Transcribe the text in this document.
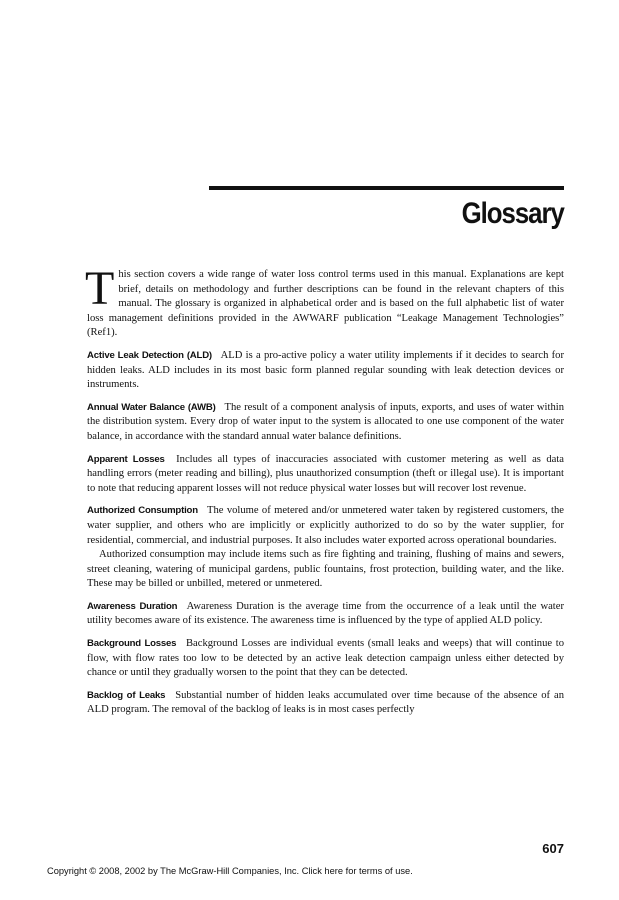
Glossary

This section covers a wide range of water loss control terms used in this manual. Explanations are kept brief, details on methodology and further descriptions can be found in the relevant chapters of this manual. The glossary is organized in alphabetical order and is based on the full alphabetic list of water loss management definitions provided in the AWWARF publication “Leakage Management Technologies” (Ref1).

Active Leak Detection (ALD) ALD is a pro-active policy a water utility implements if it decides to search for hidden leaks. ALD includes in its most basic form planned regular sounding with leak detection devices or instruments.

Annual Water Balance (AWB) The result of a component analysis of inputs, exports, and uses of water within the distribution system. Every drop of water input to the system is allocated to one use component of the water balance, in accordance with the standard annual water balance definitions.

Apparent Losses Includes all types of inaccuracies associated with customer metering as well as data handling errors (meter reading and billing), plus unauthorized consumption (theft or illegal use). It is important to note that reducing apparent losses will not reduce physical water losses but will recover lost revenue.

Authorized Consumption The volume of metered and/or unmetered water taken by registered customers, the water supplier, and others who are implicitly or explicitly authorized to do so by the water supplier, for residential, commercial, and industrial purposes. It also includes water exported across operational boundaries.

Authorized consumption may include items such as fire fighting and training, flushing of mains and sewers, street cleaning, watering of municipal gardens, public fountains, frost protection, building water, and the like. These may be billed or unbilled, metered or unmetered.

Awareness Duration Awareness Duration is the average time from the occurrence of a leak until the water utility becomes aware of its existence. The awareness time is influenced by the type of applied ALD policy.

Background Losses Background Losses are individual events (small leaks and weeps) that will continue to flow, with flow rates too low to be detected by an active leak detection campaign unless either detected by chance or until they gradually worsen to the point that they can be detected.

Backlog of Leaks Substantial number of hidden leaks accumulated over time because of the absence of an ALD program. The removal of the backlog of leaks is in most cases perfectly

607
Copyright © 2008, 2002 by The McGraw-Hill Companies, Inc. Click here for terms of use.
